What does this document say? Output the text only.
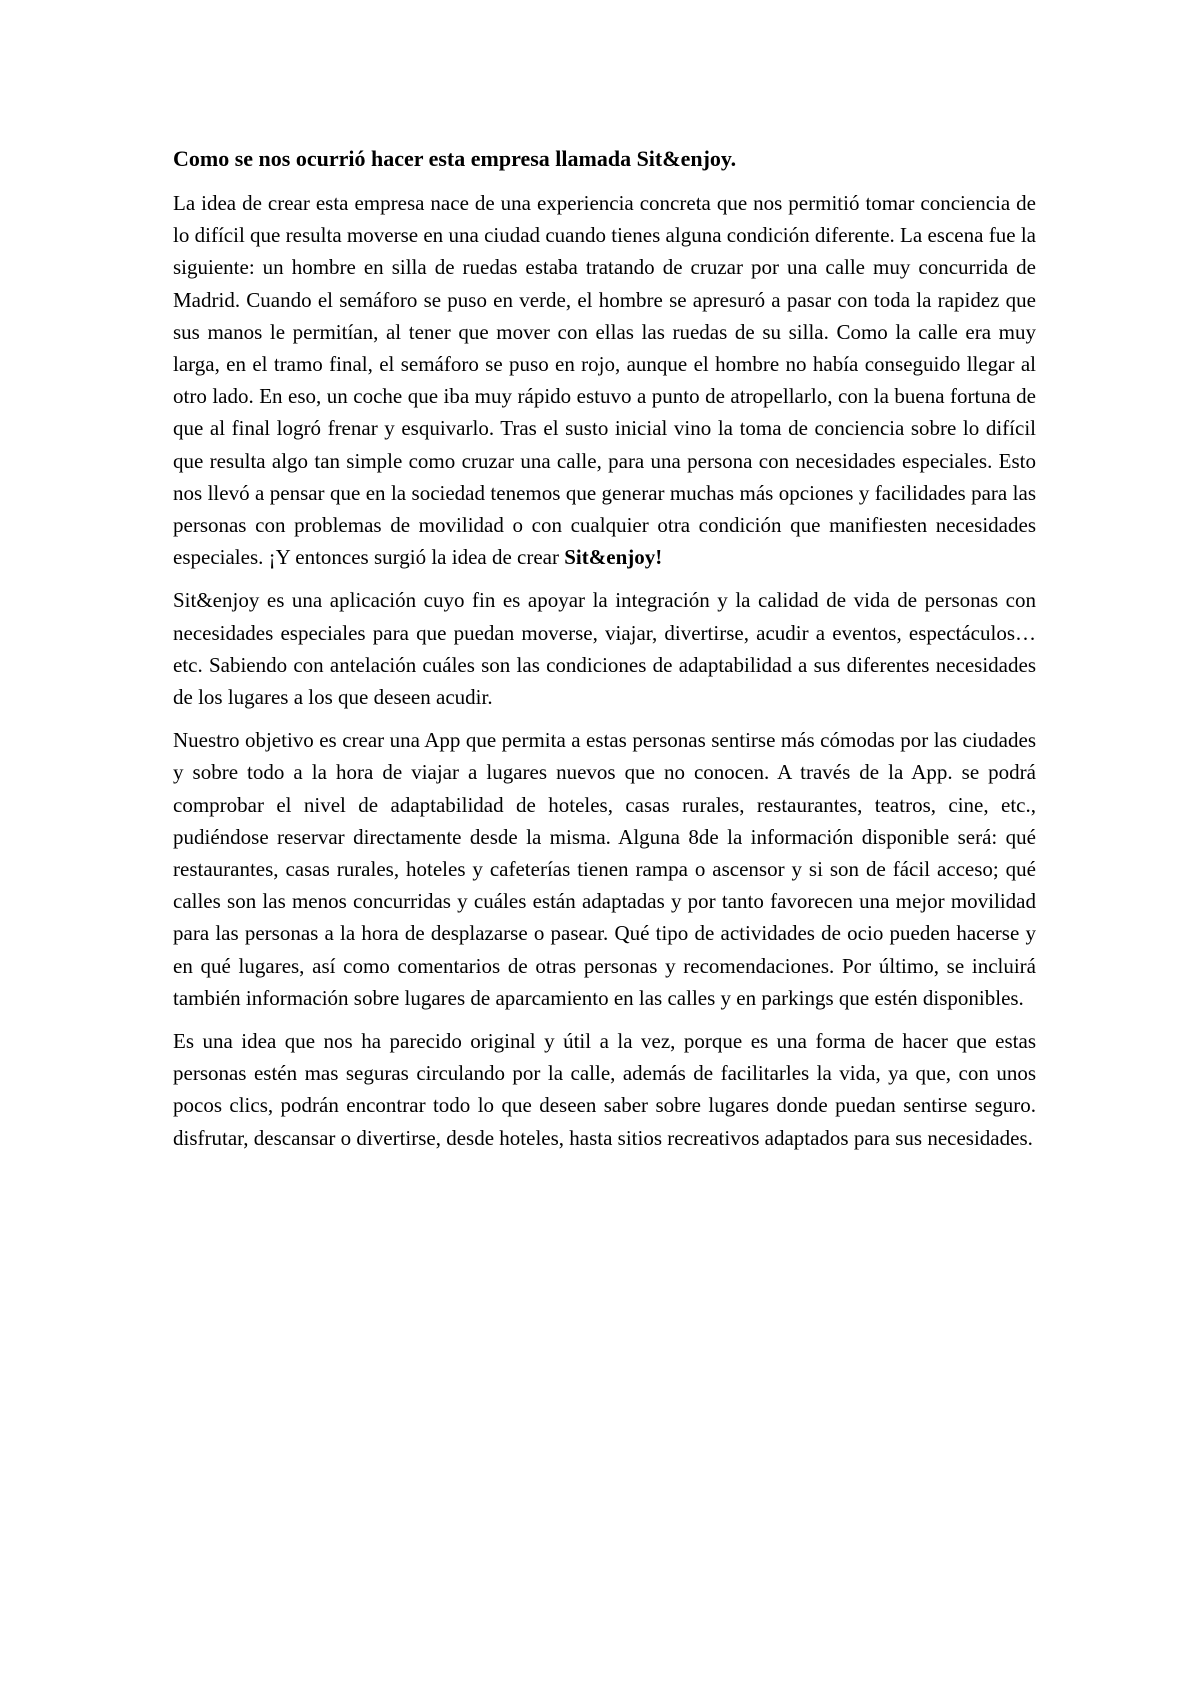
Como se nos ocurrió hacer esta empresa llamada Sit&enjoy.

La idea de crear esta empresa nace de una experiencia concreta que nos permitió tomar conciencia de lo difícil que resulta moverse en una ciudad cuando tienes alguna condición diferente. La escena fue la siguiente: un hombre en silla de ruedas estaba tratando de cruzar por una calle muy concurrida de Madrid. Cuando el semáforo se puso en verde, el hombre se apresuró a pasar con toda la rapidez que sus manos le permitían, al tener que mover con ellas las ruedas de su silla. Como la calle era muy larga, en el tramo final, el semáforo se puso en rojo, aunque el hombre no había conseguido llegar al otro lado. En eso, un coche que iba muy rápido estuvo a punto de atropellarlo, con la buena fortuna de que al final logró frenar y esquivarlo. Tras el susto inicial vino la toma de conciencia sobre lo difícil que resulta algo tan simple como cruzar una calle, para una persona con necesidades especiales. Esto nos llevó a pensar que en la sociedad tenemos que generar muchas más opciones y facilidades para las personas con problemas de movilidad o con cualquier otra condición que manifiesten necesidades especiales. ¡Y entonces surgió la idea de crear Sit&enjoy!

Sit&enjoy es una aplicación cuyo fin es apoyar la integración y la calidad de vida de personas con necesidades especiales para que puedan moverse, viajar, divertirse, acudir a eventos, espectáculos…etc. Sabiendo con antelación cuáles son las condiciones de adaptabilidad a sus diferentes necesidades de los lugares a los que deseen acudir.

Nuestro objetivo es crear una App que permita a estas personas sentirse más cómodas por las ciudades y sobre todo a la hora de viajar a lugares nuevos que no conocen. A través de la App. se podrá comprobar el nivel de adaptabilidad de hoteles, casas rurales, restaurantes, teatros, cine, etc., pudiéndose reservar directamente desde la misma. Alguna 8de la información disponible será: qué restaurantes, casas rurales, hoteles y cafeterías tienen rampa o ascensor y si son de fácil acceso; qué calles son las menos concurridas y cuáles están adaptadas y por tanto favorecen una mejor movilidad para las personas a la hora de desplazarse o pasear. Qué tipo de actividades de ocio pueden hacerse y en qué lugares, así como comentarios de otras personas y recomendaciones. Por último, se incluirá también información sobre lugares de aparcamiento en las calles y en parkings que estén disponibles.

Es una idea que nos ha parecido original y útil a la vez, porque es una forma de hacer que estas personas estén mas seguras circulando por la calle, además de facilitarles la vida, ya que, con unos pocos clics, podrán encontrar todo lo que deseen saber sobre lugares donde puedan sentirse seguro. disfrutar, descansar o divertirse, desde hoteles, hasta sitios recreativos adaptados para sus necesidades.
